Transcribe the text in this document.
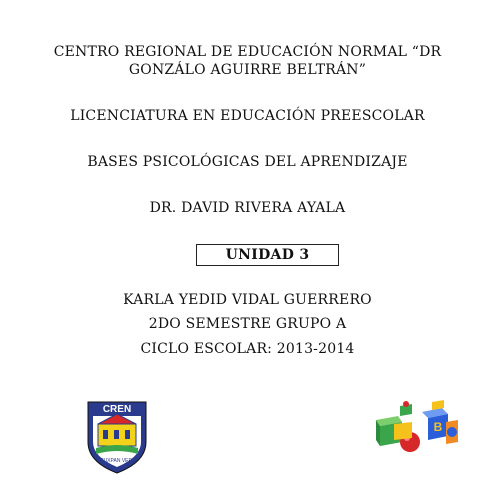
CENTRO REGIONAL DE EDUCACIÓN NORMAL “DR
GONZÁLO AGUIRRE BELTRÁN”
LICENCIATURA EN EDUCACIÓN PREESCOLAR
BASES PSICOLÓGICAS DEL APRENDIZAJE
DR. DAVID RIVERA AYALA
UNIDAD 3
KARLA YEDID VIDAL GUERRERO
2DO SEMESTRE GRUPO A
CICLO ESCOLAR: 2013-2014
CREN
TUXPAN VER.
B
